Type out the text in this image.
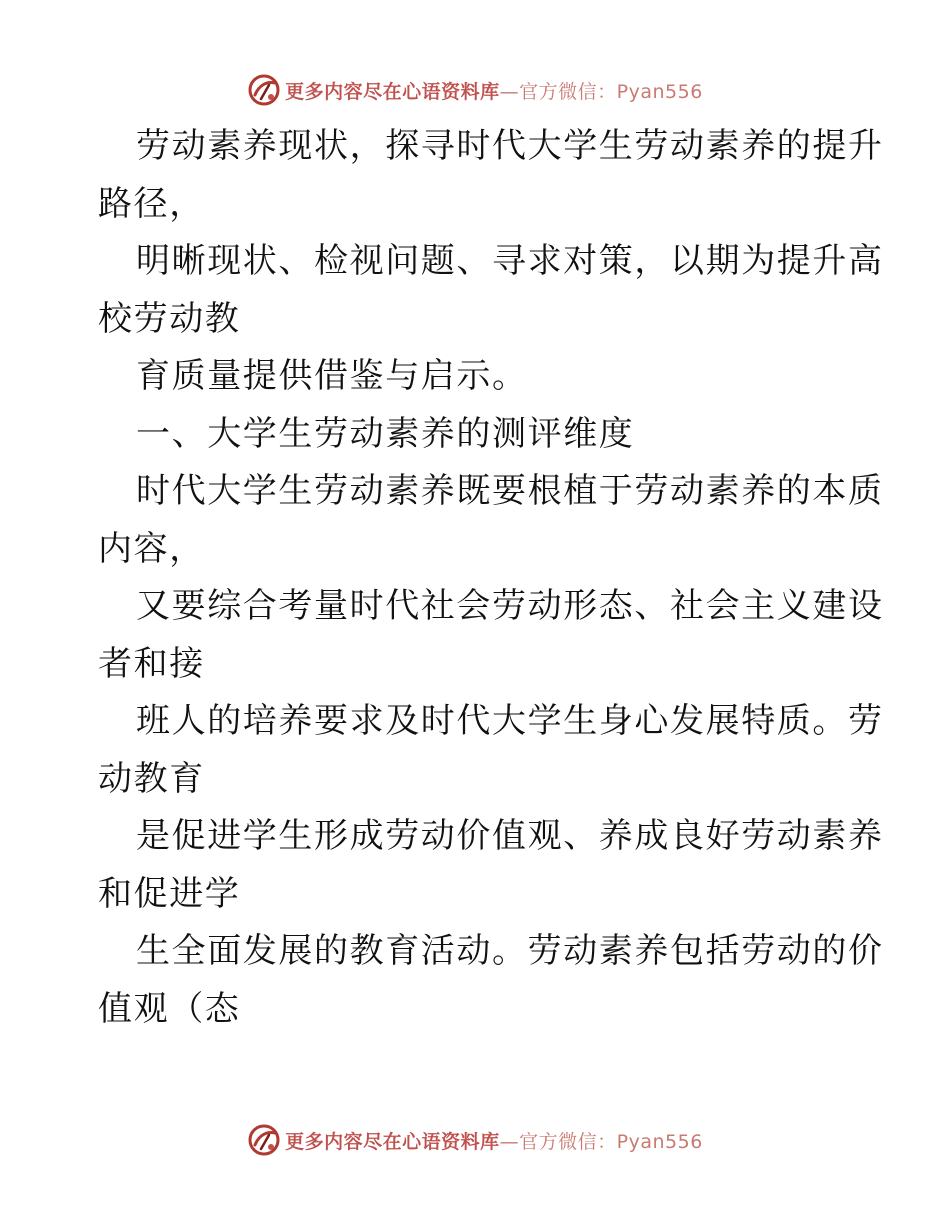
更多内容尽在心语资料库—官方微信：Pyan556
劳动素养现状，探寻时代大学生劳动素养的提升
路径，
明晰现状、检视问题、寻求对策，以期为提升高
校劳动教
育质量提供借鉴与启示。
一、大学生劳动素养的测评维度
时代大学生劳动素养既要根植于劳动素养的本质
内容，
又要综合考量时代社会劳动形态、社会主义建设
者和接
班人的培养要求及时代大学生身心发展特质。劳
动教育
是促进学生形成劳动价值观、养成良好劳动素养
和促进学
生全面发展的教育活动。劳动素养包括劳动的价
值观（态
更多内容尽在心语资料库—官方微信：Pyan556
